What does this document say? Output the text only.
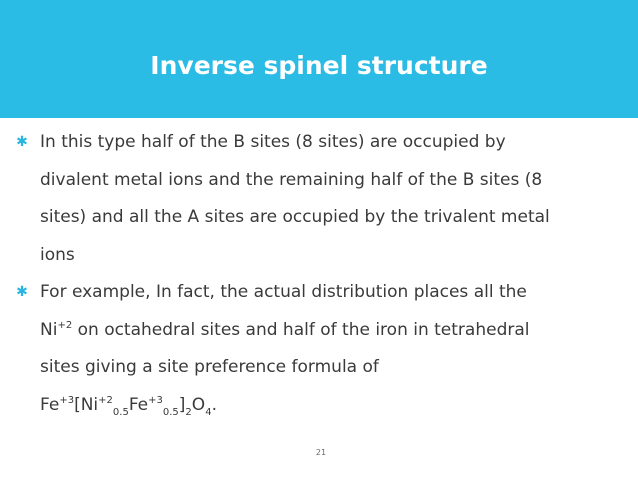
Inverse spinel structure
✱ In this type half of the B sites (8 sites) are occupied by
divalent metal ions and the remaining half of the B sites (8
sites) and all the A sites are occupied by the trivalent metal
ions
✱ For example, In fact, the actual distribution places all the
$Ni^{+2}$ on octahedral sites and half of the iron in tetrahedral
sites giving a site preference formula of
$Fe^{+3}[Ni^{+2}_{0.5}Fe^{+3}_{0.5}]_2O_4$.
21
